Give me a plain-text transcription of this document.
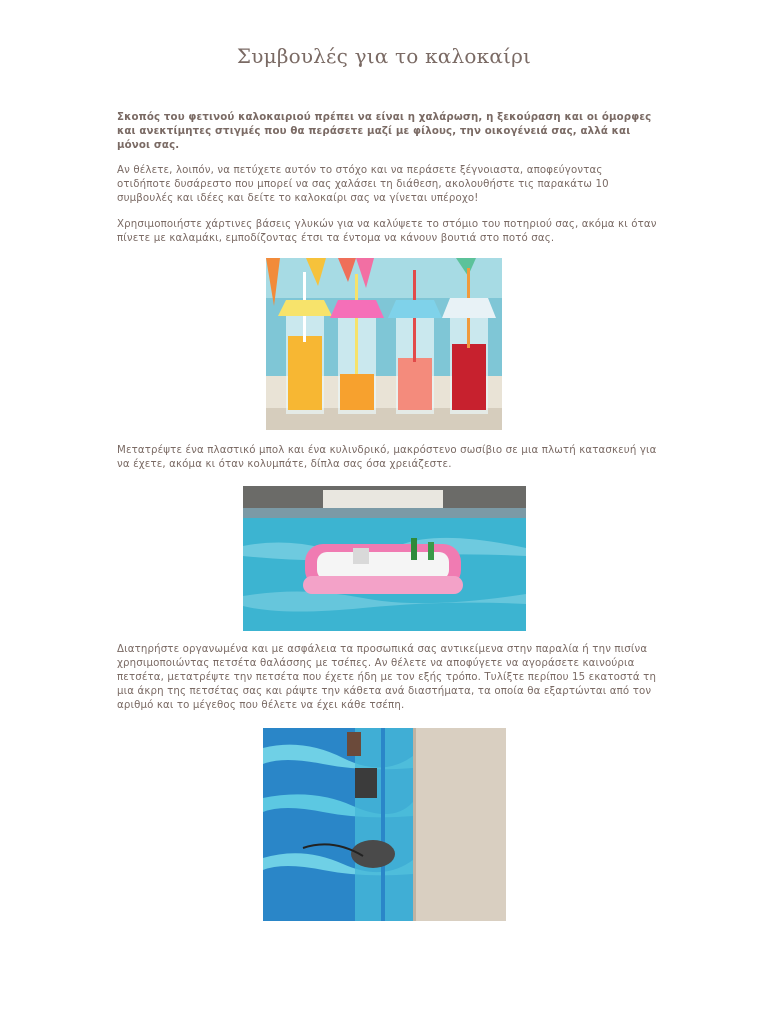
Συμβουλές για το καλοκαίρι

Σκοπός του φετινού καλοκαιριού πρέπει να είναι η χαλάρωση, η ξεκούραση και οι όμορφες και ανεκτίμητες στιγμές που θα περάσετε μαζί με φίλους, την οικογένειά σας, αλλά και μόνοι σας.

Αν θέλετε, λοιπόν, να πετύχετε αυτόν το στόχο και να περάσετε ξέγνοιαστα, αποφεύγοντας οτιδήποτε δυσάρεστο που μπορεί να σας χαλάσει τη διάθεση, ακολουθήστε τις παρακάτω 10 συμβουλές και ιδέες και δείτε το καλοκαίρι σας να γίνεται υπέροχο!

Χρησιμοποιήστε χάρτινες βάσεις γλυκών για να καλύψετε το στόμιο του ποτηριού σας, ακόμα κι όταν πίνετε με καλαμάκι, εμποδίζοντας έτσι τα έντομα να κάνουν βουτιά στο ποτό σας.

Μετατρέψτε ένα πλαστικό μπολ και ένα κυλινδρικό, μακρόστενο σωσίβιο σε μια πλωτή κατασκευή για να έχετε, ακόμα κι όταν κολυμπάτε, δίπλα σας όσα χρειάζεστε.

Διατηρήστε οργανωμένα και με ασφάλεια τα προσωπικά σας αντικείμενα στην παραλία ή την πισίνα χρησιμοποιώντας πετσέτα θαλάσσης με τσέπες. Αν θέλετε να αποφύγετε να αγοράσετε καινούρια πετσέτα, μετατρέψτε την πετσέτα που έχετε ήδη με τον εξής τρόπο. Τυλίξτε περίπου 15 εκατοστά τη μια άκρη της πετσέτας σας και ράψτε την κάθετα ανά διαστήματα, τα οποία θα εξαρτώνται από τον αριθμό και το μέγεθος που θέλετε να έχει κάθε τσέπη.
